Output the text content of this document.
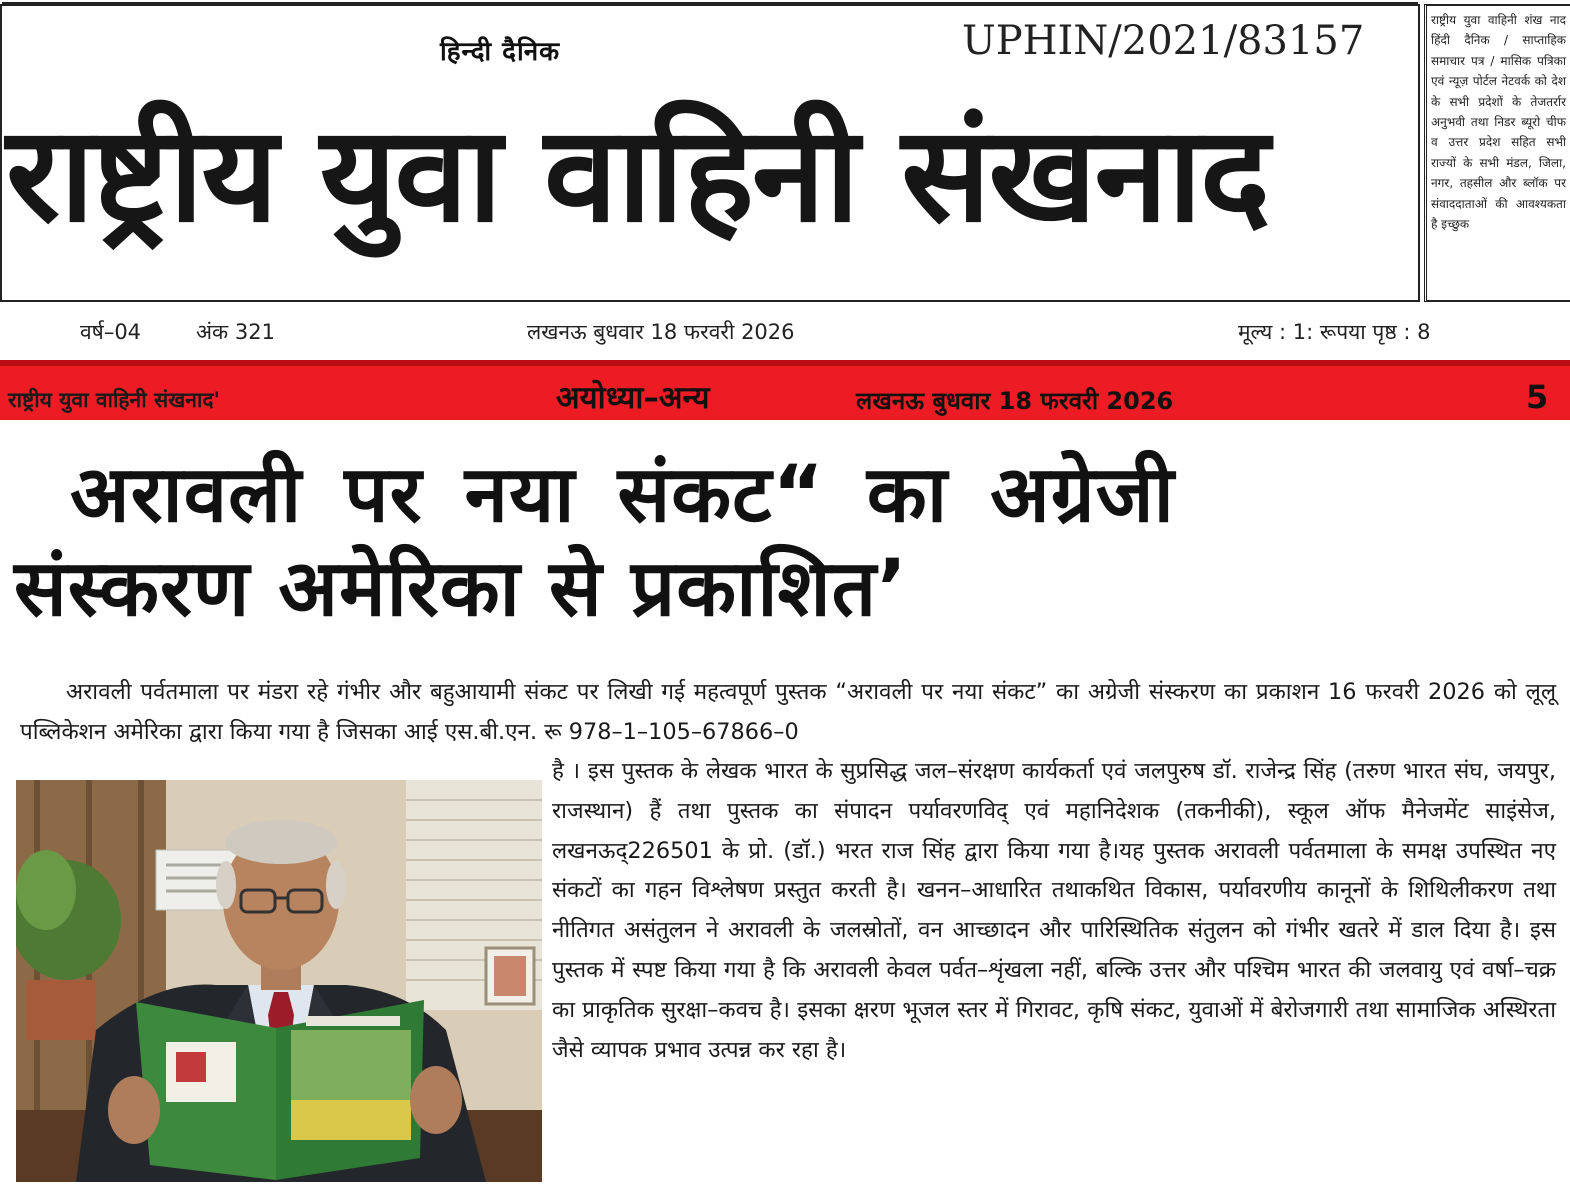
हिन्दी दैनिक	UPHIN/2021/83157
राष्ट्रीय युवा वाहिनी संखनाद
राष्ट्रीय युवा वाहिनी शंख नाद हिंदी दैनिक / साप्ताहिक समाचार पत्र / मासिक पत्रिका एवं न्यूज़ पोर्टल नेटवर्क को देश के सभी प्रदेशों के तेजतर्रार अनुभवी तथा निडर ब्यूरो चीफ व उत्तर प्रदेश सहित सभी राज्यों के सभी मंडल, जिला, नगर, तहसील और ब्लॉक पर संवाददाताओं की आवश्यकता है इच्छुक
वर्ष–04	अंक 321	लखनऊ बुधवार 18 फरवरी 2026	मूल्य : 1: रूपया पृष्ठ : 8
राष्ट्रीय युवा वाहिनी संखनाद'	अयोध्या–अन्य	लखनऊ बुधवार 18 फरवरी 2026	5
अरावली पर नया संकट“ का अग्रेजी
संस्करण अमेरिका से प्रकाशित’

अरावली पर्वतमाला पर मंडरा रहे गंभीर और बहुआयामी संकट पर लिखी गई महत्वपूर्ण पुस्तक “अरावली पर नया संकट” का अग्रेजी संस्करण का प्रकाशन 16 फरवरी 2026 को लूलू पब्लिकेशन अमेरिका द्वारा किया गया है जिसका आई एस.बी.एन. रू 978–1–105–67866–0

है । इस पुस्तक के लेखक भारत के सुप्रसिद्ध जल–संरक्षण कार्यकर्ता एवं जलपुरुष डॉ. राजेन्द्र सिंह (तरुण भारत संघ, जयपुर, राजस्थान) हैं तथा पुस्तक का संपादन पर्यावरणविद् एवं महानिदेशक (तकनीकी), स्कूल ऑफ मैनेजमेंट साइंसेज, लखनऊद्226501 के प्रो. (डॉ.) भरत राज सिंह द्वारा किया गया है।यह पुस्तक अरावली पर्वतमाला के समक्ष उपस्थित नए संकटों का गहन विश्लेषण प्रस्तुत करती है। खनन–आधारित तथाकथित विकास, पर्यावरणीय कानूनों के शिथिलीकरण तथा नीतिगत असंतुलन ने अरावली के जलस्रोतों, वन आच्छादन और पारिस्थितिक संतुलन को गंभीर खतरे में डाल दिया है। इस पुस्तक में स्पष्ट किया गया है कि अरावली केवल पर्वत–शृंखला नहीं, बल्कि उत्तर और पश्चिम भारत की जलवायु एवं वर्षा–चक्र का प्राकृतिक सुरक्षा–कवच है। इसका क्षरण भूजल स्तर में गिरावट, कृषि संकट, युवाओं में बेरोजगारी तथा सामाजिक अस्थिरता जैसे व्यापक प्रभाव उत्पन्न कर रहा है।
